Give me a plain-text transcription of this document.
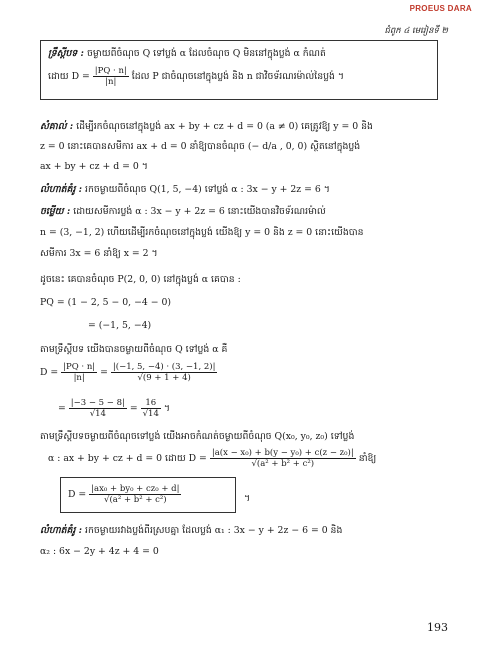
PROEUS DARA
ជំពូក ៤ មេរៀនទី ២
ទ្រឹស្តីបទ : ចម្ងាយពីចំណុច Q ទៅប្លង់ α ដែលចំណុច Q មិននៅក្នុងប្លង់ α កំណត់
ដោយ $D = \frac{|PQ \cdot n|}{|n|}$ ដែល P ជាចំណុចនៅក្នុងប្លង់ និង n ជាវិចទ័រណរម៉ាល់នៃប្លង់ ។
សំគាល់ : ដើម្បីរកចំណុចនៅក្នុងប្លង់ ax + by + cz + d = 0 (a ≠ 0) គេត្រូវឱ្យ y = 0 និង
z = 0 នោះគេបានសមីការ ax + d = 0 នាំឱ្យបានចំណុច (− d/a , 0, 0) ស្ថិតនៅក្នុងប្លង់
ax + by + cz + d = 0 ។
លំហាត់គំរូ : រកចម្ងាយពីចំណុច Q(1, 5, −4) ទៅប្លង់ α : 3x − y + 2z = 6 ។
ចម្លើយ : ដោយសមីការប្លង់ α : 3x − y + 2z = 6 នោះយើងបានវិចទ័រណរម៉ាល់
n = (3, −1, 2) ហើយដើម្បីរកចំណុចនៅក្នុងប្លង់ យើងឱ្យ y = 0 និង z = 0 នោះយើងបាន
សមីការ 3x = 6 នាំឱ្យ x = 2 ។
ដូចនេះ គេបានចំណុច P(2, 0, 0) នៅក្នុងប្លង់ α គេបាន :
PQ = (1 − 2, 5 − 0, −4 − 0)
= (−1, 5, −4)
តាមទ្រឹស្តីបទ យើងបានចម្ងាយពីចំណុច Q ទៅប្លង់ α គឺ
$D = \frac{|PQ \cdot n|}{|n|} = \frac{|(-1, 5, -4) \cdot (3, -1, 2)|}{√(9 + 1 + 4)}$
= $\frac{|-3 - 5 - 8|}{√14} = \frac{16}{√14}$ ។
តាមទ្រឹស្តីបទចម្ងាយពីចំណុចទៅប្លង់ យើងអាចកំណត់ចម្ងាយពីចំណុច Q(x₀, y₀, z₀) ទៅប្លង់
α : ax + by + cz + d = 0 ដោយ $D = \frac{\text{|a(x − x₀) + b(y − y₀) + c(z − z₀)|}}{\text{√(a² + b² + c²)}}$ នាំឱ្យ
$D = \frac{\text{|ax₀ + by₀ + cz₀ + d|}}{\text{√(a² + b² + c²)}}$	។
លំហាត់គំរូ : រកចម្ងាយរវាងប្លង់ពីរស្របគ្នា ដែលប្លង់ α₁ : 3x − y + 2z − 6 = 0 និង
α₂ : 6x − 2y + 4z + 4 = 0
193
